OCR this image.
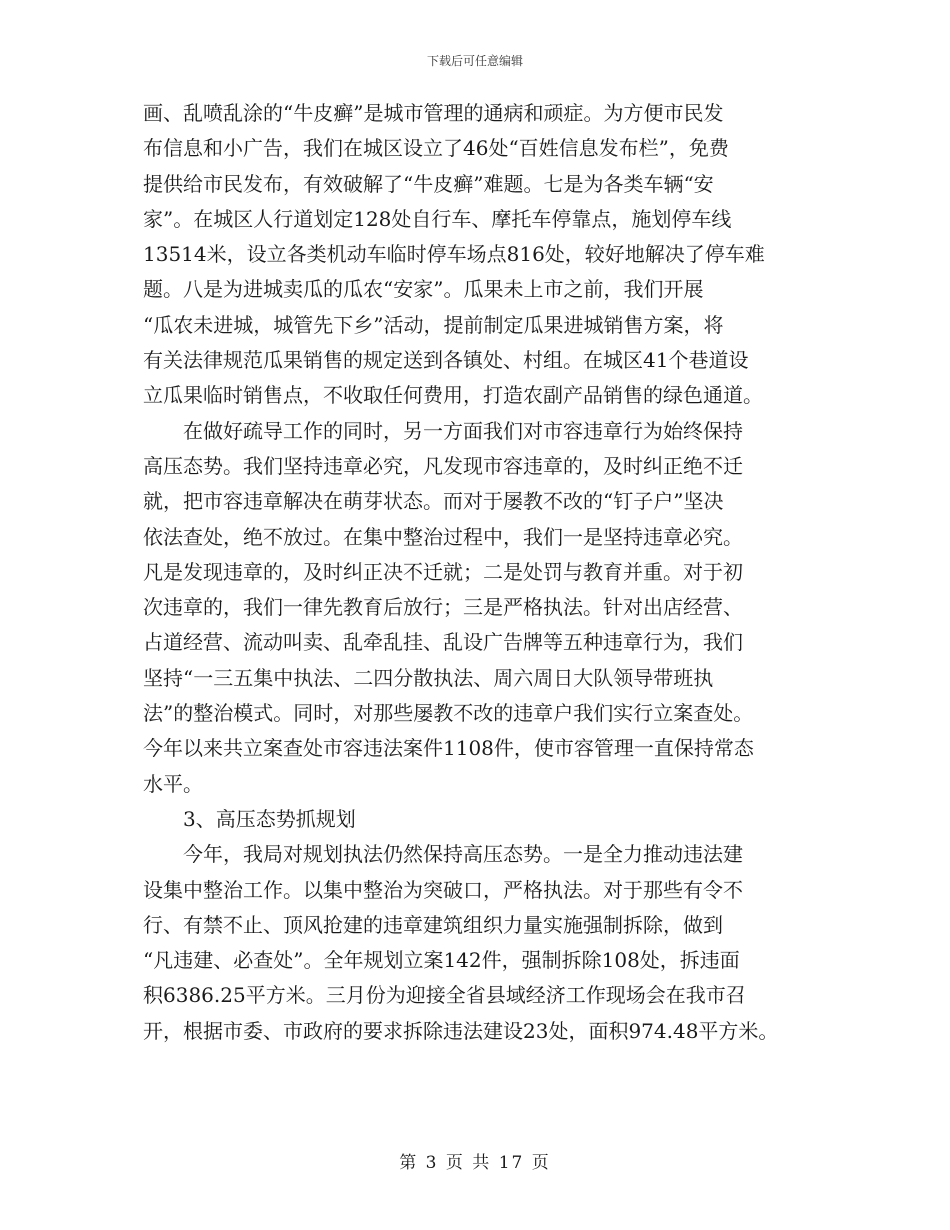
下载后可任意编辑
画、乱喷乱涂的“牛皮癣”是城市管理的通病和顽症。为方便市民发
布信息和小广告，我们在城区设立了46处“百姓信息发布栏”，免费
提供给市民发布，有效破解了“牛皮癣”难题。七是为各类车辆“安
家”。在城区人行道划定128处自行车、摩托车停靠点，施划停车线
13514米，设立各类机动车临时停车场点816处，较好地解决了停车难
题。八是为进城卖瓜的瓜农“安家”。瓜果未上市之前，我们开展
“瓜农未进城，城管先下乡”活动，提前制定瓜果进城销售方案，将
有关法律规范瓜果销售的规定送到各镇处、村组。在城区41个巷道设
立瓜果临时销售点，不收取任何费用，打造农副产品销售的绿色通道。
　　在做好疏导工作的同时，另一方面我们对市容违章行为始终保持
高压态势。我们坚持违章必究，凡发现市容违章的，及时纠正绝不迁
就，把市容违章解决在萌芽状态。而对于屡教不改的“钉子户”坚决
依法查处，绝不放过。在集中整治过程中，我们一是坚持违章必究。
凡是发现违章的，及时纠正决不迁就；二是处罚与教育并重。对于初
次违章的，我们一律先教育后放行；三是严格执法。针对出店经营、
占道经营、流动叫卖、乱牵乱挂、乱设广告牌等五种违章行为，我们
坚持“一三五集中执法、二四分散执法、周六周日大队领导带班执
法”的整治模式。同时，对那些屡教不改的违章户我们实行立案查处。
今年以来共立案查处市容违法案件1108件，使市容管理一直保持常态
水平。
　　3、高压态势抓规划
　　今年，我局对规划执法仍然保持高压态势。一是全力推动违法建
设集中整治工作。以集中整治为突破口，严格执法。对于那些有令不
行、有禁不止、顶风抢建的违章建筑组织力量实施强制拆除，做到
“凡违建、必查处”。全年规划立案142件，强制拆除108处，拆违面
积6386.25平方米。三月份为迎接全省县域经济工作现场会在我市召
开，根据市委、市政府的要求拆除违法建设23处，面积974.48平方米。
第 3 页 共 17 页
